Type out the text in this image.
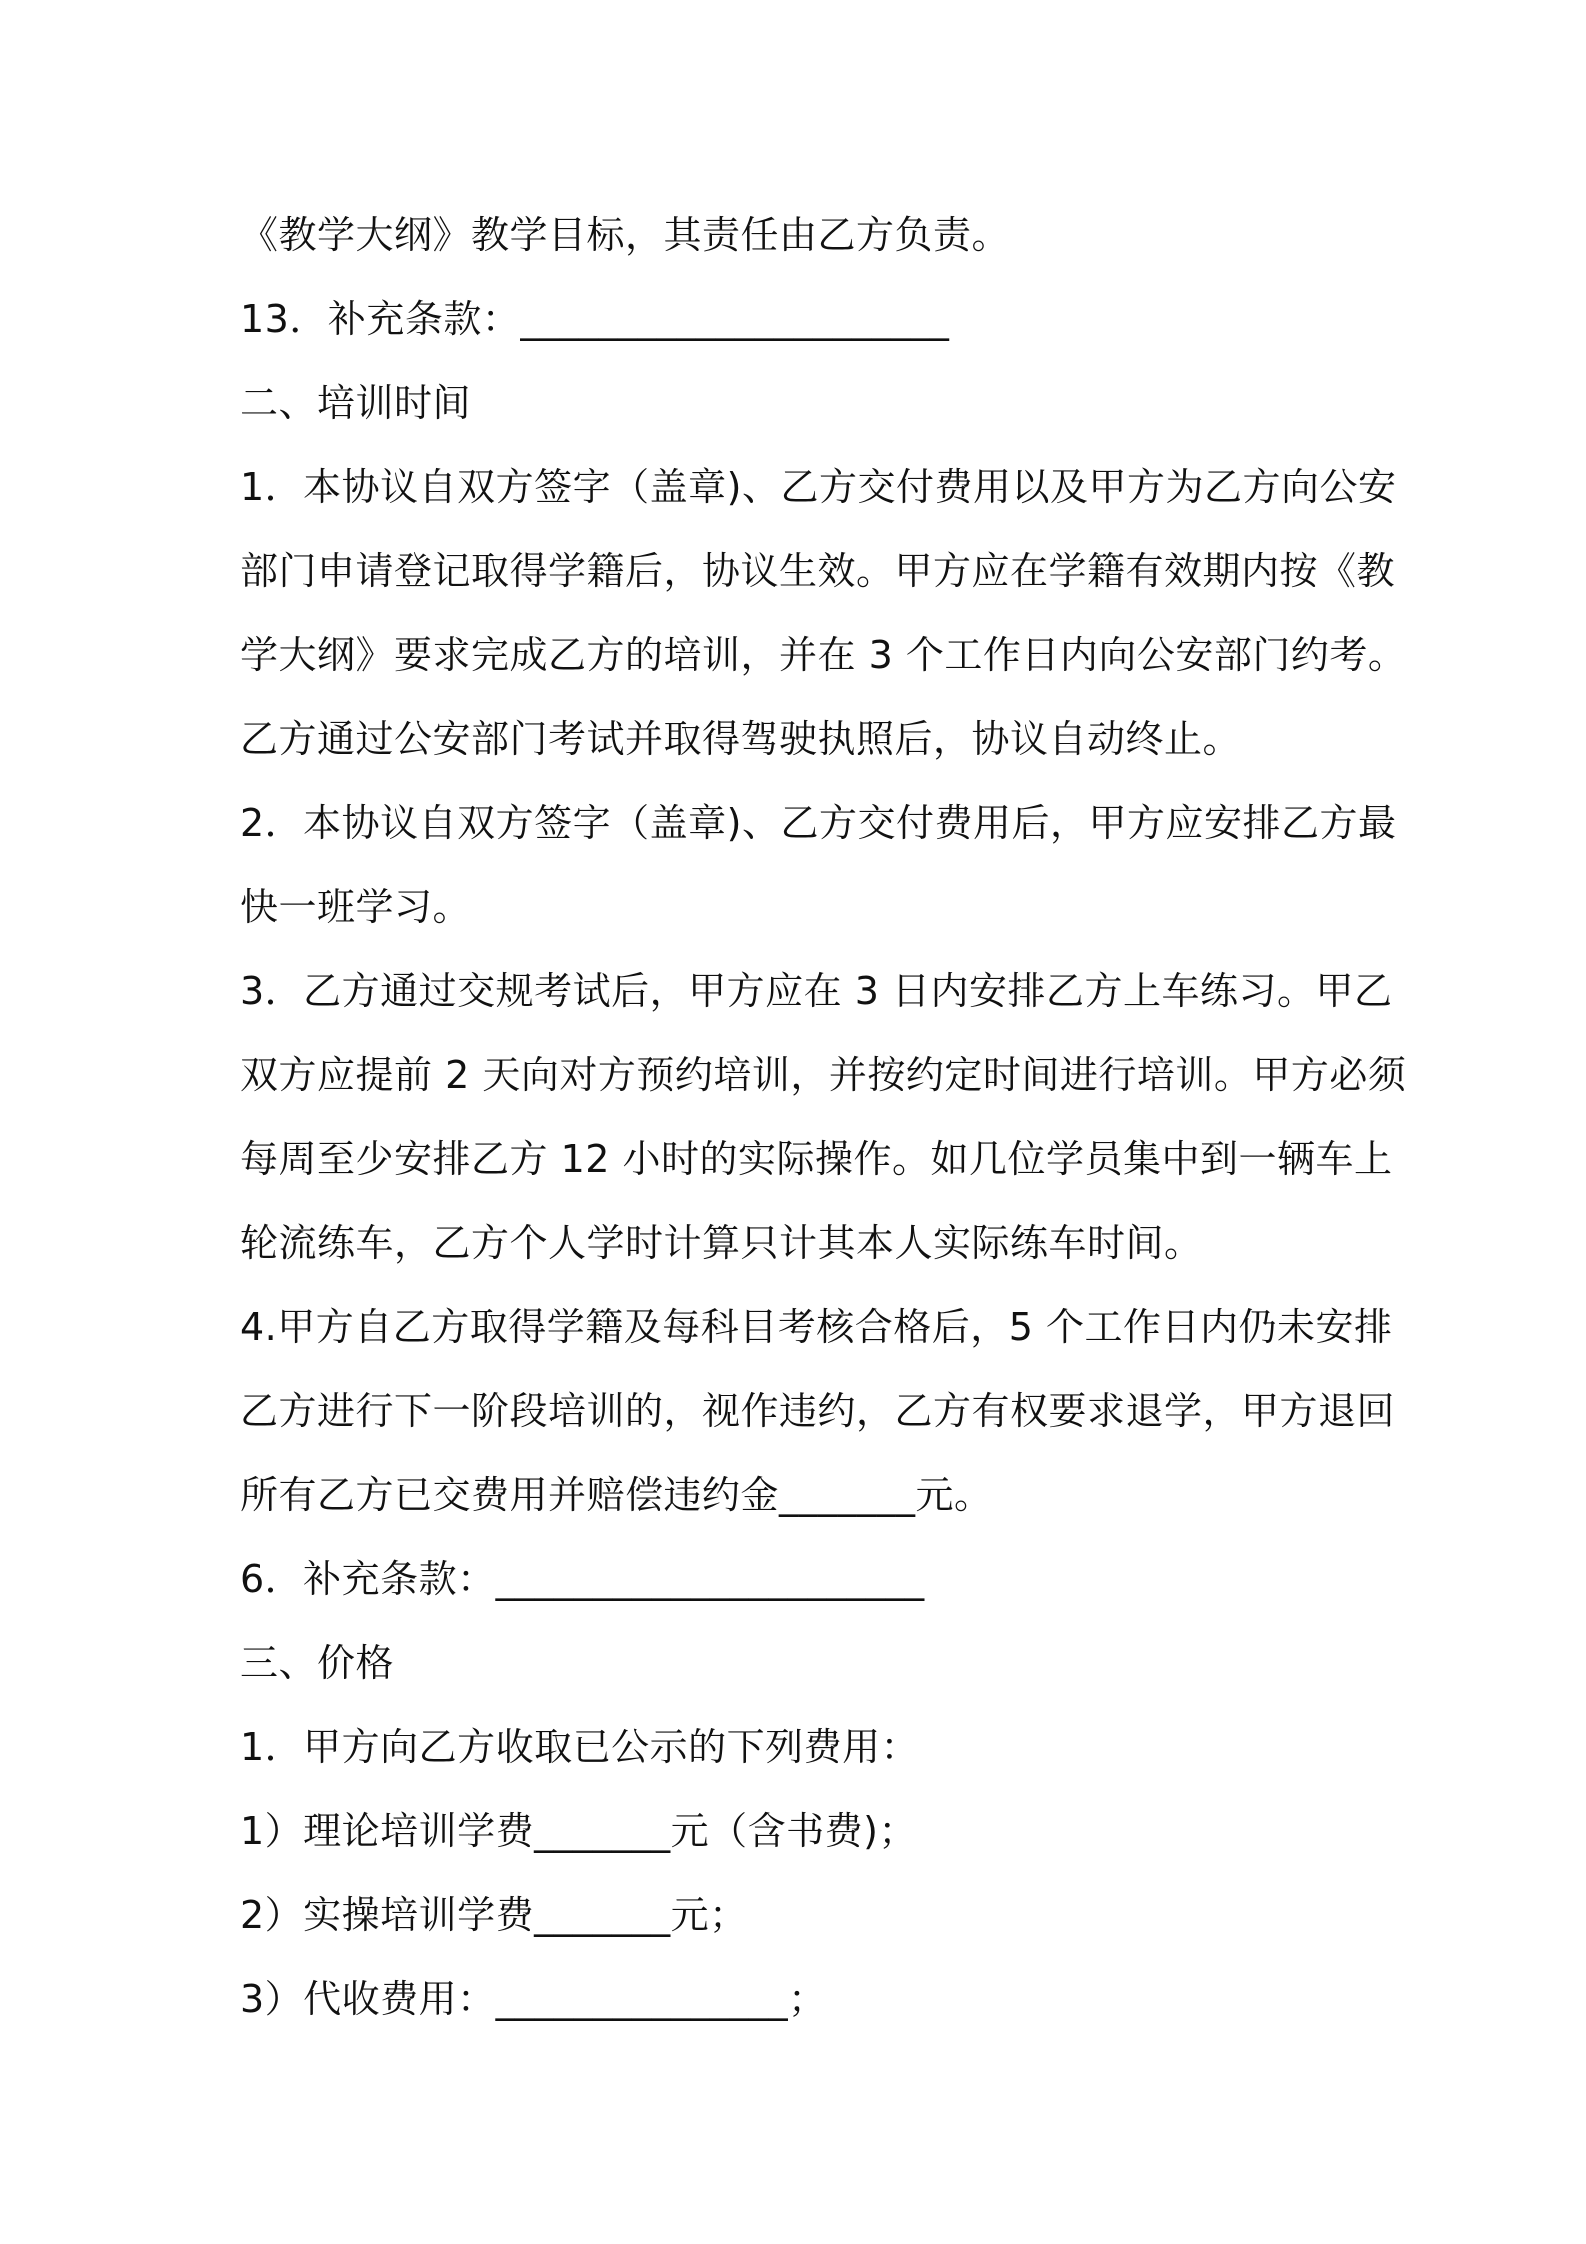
《教学大纲》教学目标，其责任由乙方负责。
13．补充条款：______________________
二、培训时间
1．本协议自双方签字（盖章)、乙方交付费用以及甲方为乙方向公安
部门申请登记取得学籍后，协议生效。甲方应在学籍有效期内按《教
学大纲》要求完成乙方的培训，并在 3 个工作日内向公安部门约考。
乙方通过公安部门考试并取得驾驶执照后，协议自动终止。
2．本协议自双方签字（盖章)、乙方交付费用后，甲方应安排乙方最
快一班学习。
3．乙方通过交规考试后，甲方应在 3 日内安排乙方上车练习。甲乙
双方应提前 2 天向对方预约培训，并按约定时间进行培训。甲方必须
每周至少安排乙方 12 小时的实际操作。如几位学员集中到一辆车上
轮流练车，乙方个人学时计算只计其本人实际练车时间。
4.甲方自乙方取得学籍及每科目考核合格后，5 个工作日内仍未安排
乙方进行下一阶段培训的，视作违约，乙方有权要求退学，甲方退回
所有乙方已交费用并赔偿违约金_______元。
6．补充条款：______________________
三、价格
1．甲方向乙方收取已公示的下列费用：
1）理论培训学费_______元（含书费)；
2）实操培训学费_______元；
3）代收费用：_______________；
